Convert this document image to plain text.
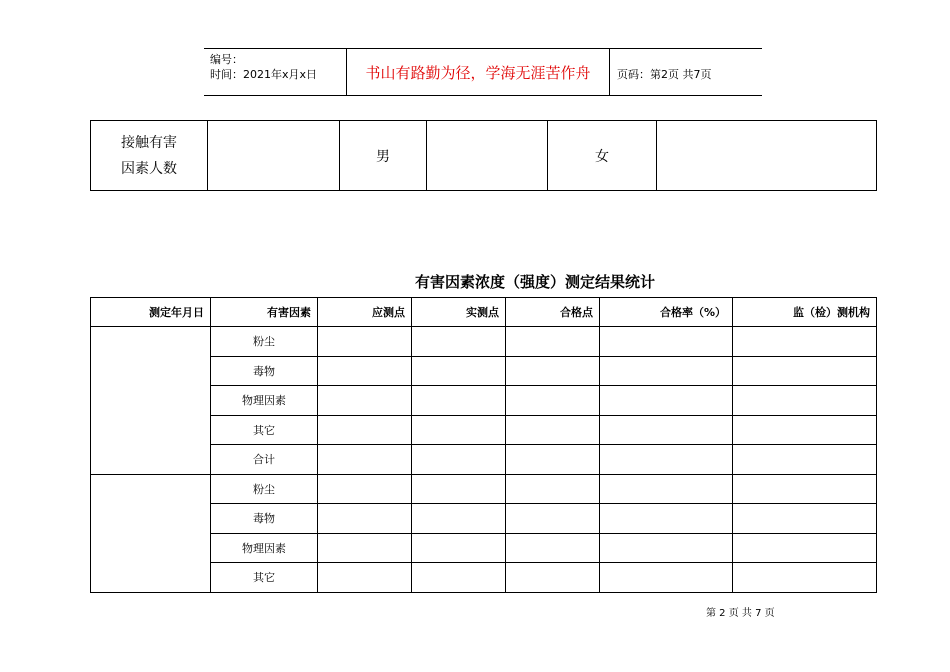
编号：
时间：2021年x月x日	书山有路勤为径，学海无涯苦作舟	页码：第2页 共7页
接触有害
因素人数
		男		女	
有害因素浓度（强度）测定结果统计
测定年月日	有害因素	应测点	实测点	合格点	合格率（%）	监（检）测机构
	粉尘					
	毒物					
	物理因素					
	其它					
	合计					
	粉尘					
	毒物					
	物理因素					
	其它					
第 2 页 共 7 页
